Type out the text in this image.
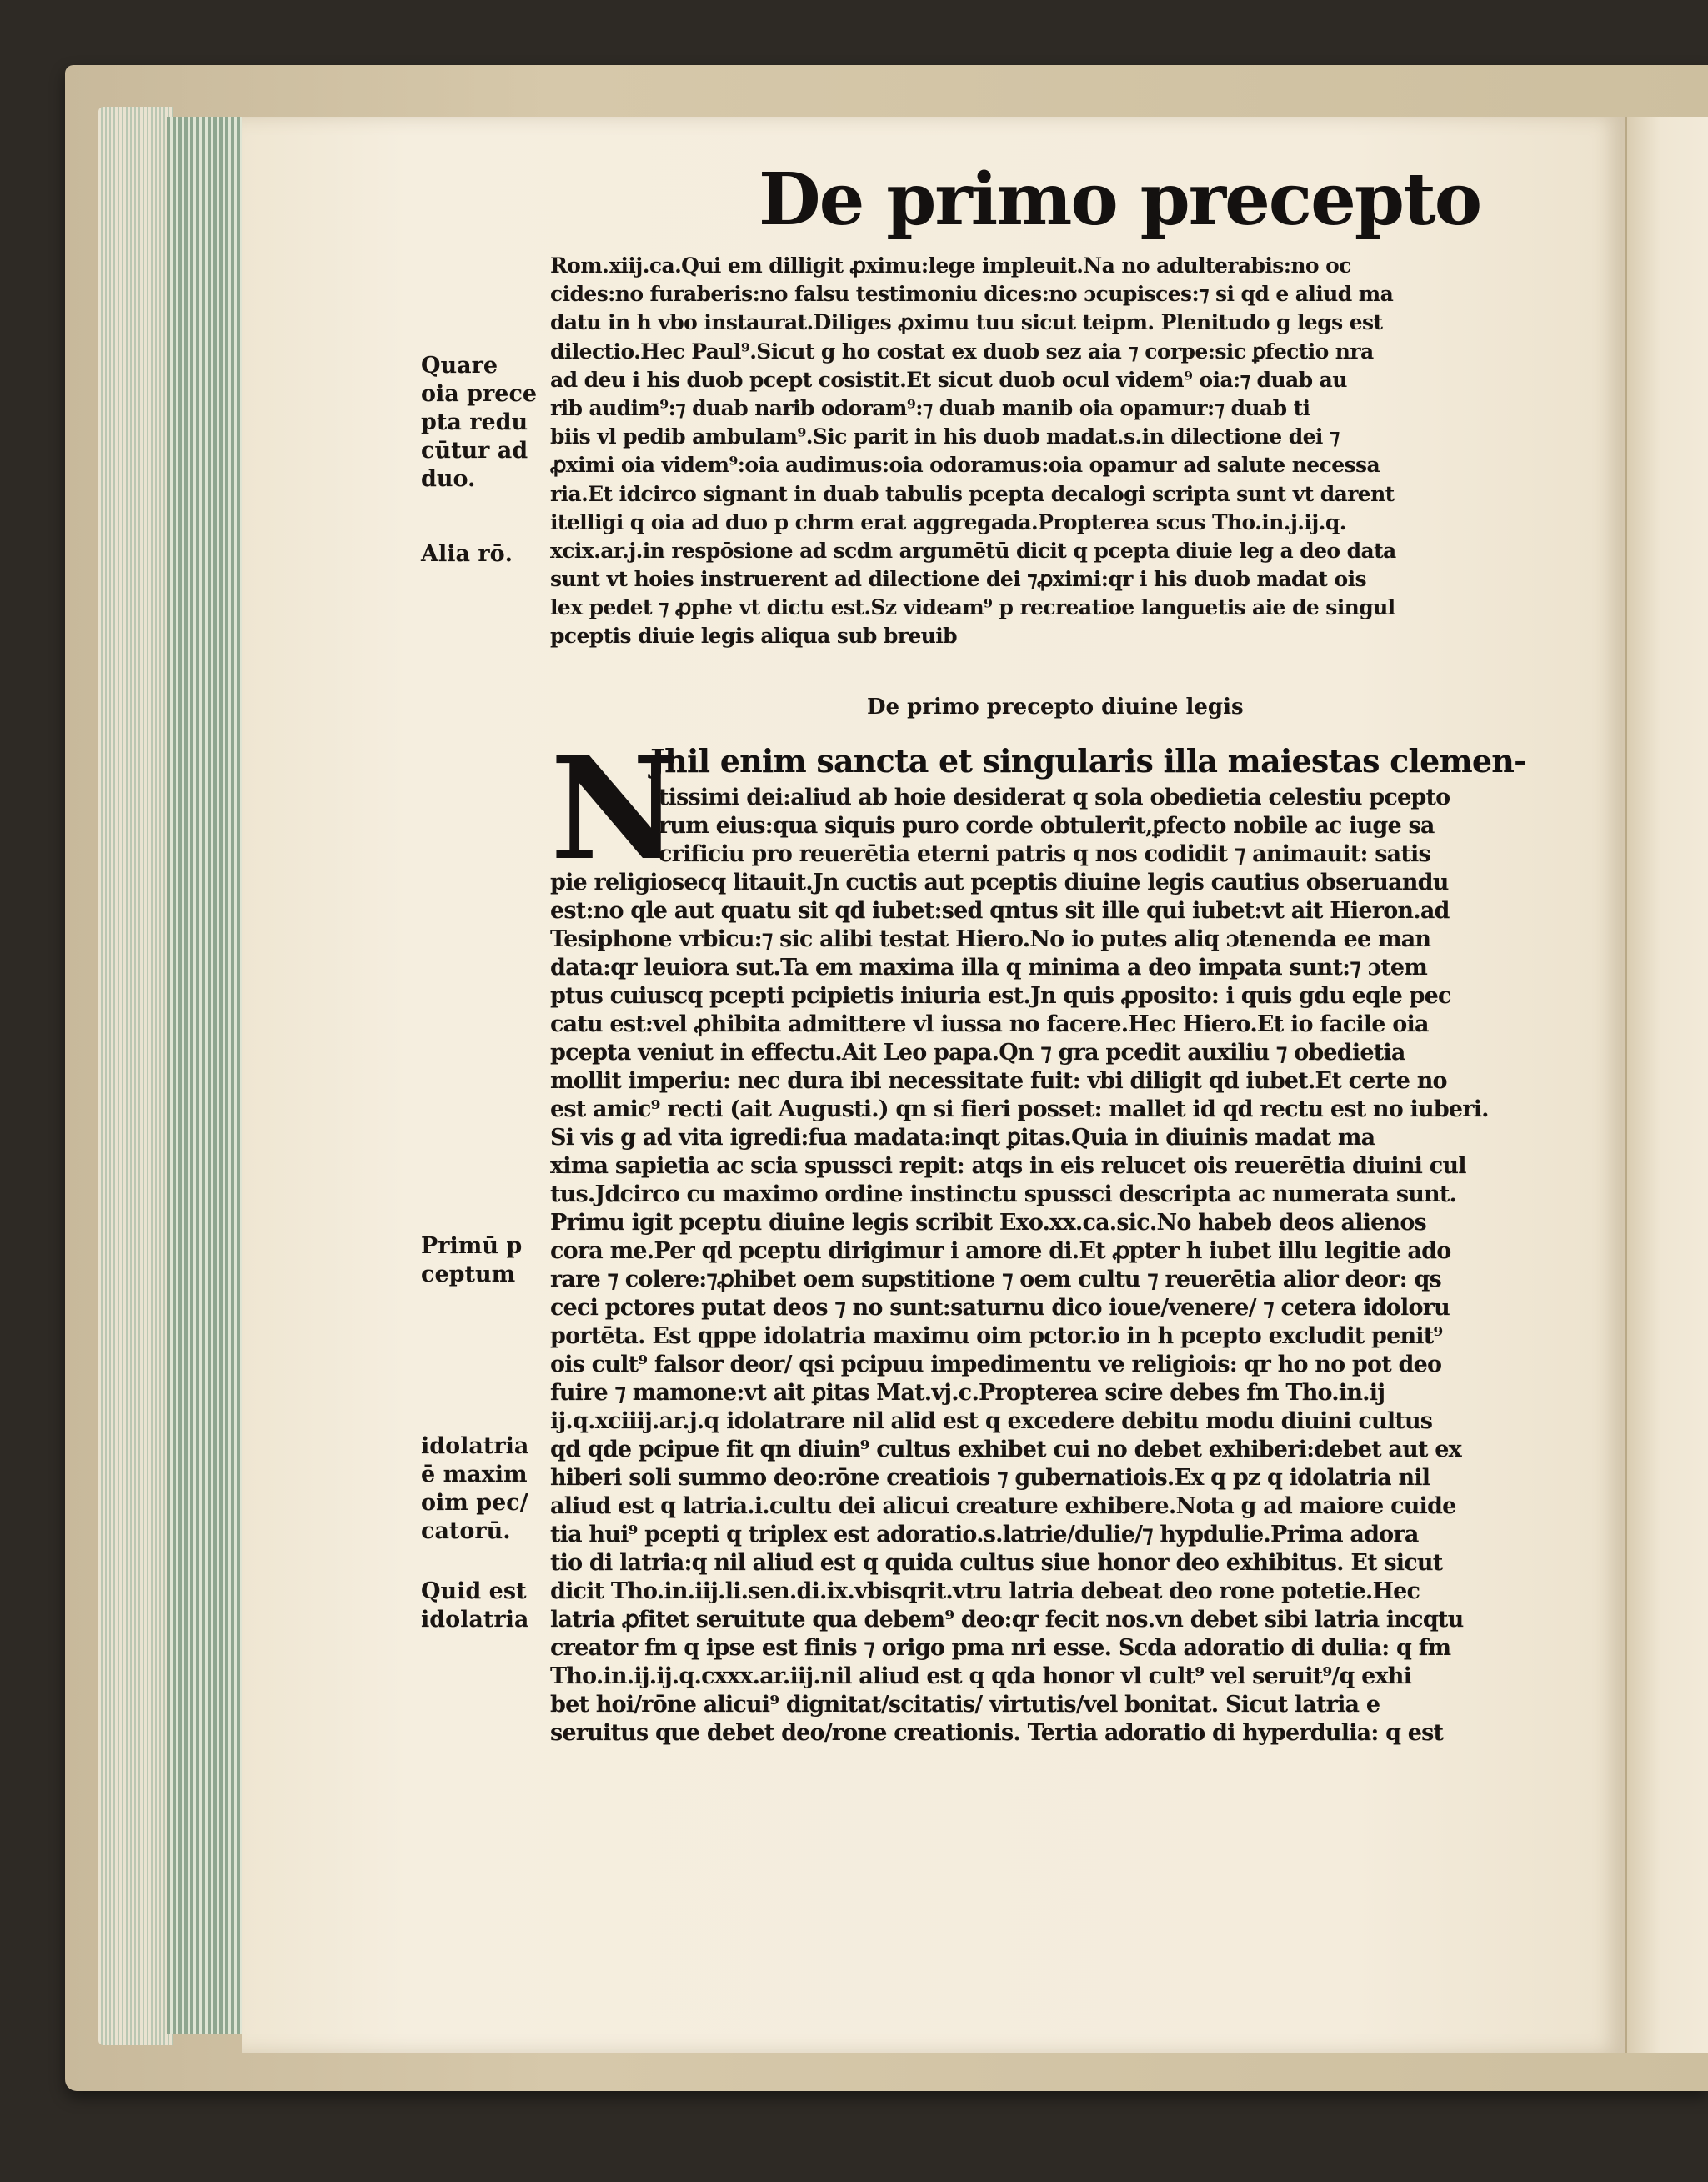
De primo precepto
Rom.xiij.ca.Qui em dilligit ꝓximu:lege impleuit.Na no adulterabis:no oc
cides:no furaberis:no falsu testimoniu dices:no ɔcupisces:⁊ si qd e aliud ma
datu in h vbo instaurat.Diliges ꝓximu tuu sicut teipm. Plenitudo g legs est
dilectio.Hec Paul⁹.Sicut g ho costat ex duob sez aia ⁊ corpe:sic ꝑfectio nra
ad deu i his duob pcept cosistit.Et sicut duob ocul videm⁹ oia:⁊ duab au
rib audim⁹:⁊ duab narib odoram⁹:⁊ duab manib oia opamur:⁊ duab ti
biis vl pedib ambulam⁹.Sic parit in his duob madat.s.in dilectione dei ⁊
ꝓximi oia videm⁹:oia audimus:oia odoramus:oia opamur ad salute necessa
ria.Et idcirco signant in duab tabulis pcepta decalogi scripta sunt vt darent
itelligi q oia ad duo p chrm erat aggregada.Propterea scus Tho.in.j.ij.q.
xcix.ar.j.in respōsione ad scdm argumētū dicit q pcepta diuie leg a deo data
sunt vt hoies instruerent ad dilectione dei ⁊ꝓximi:qr i his duob madat ois
lex pedet ⁊ ꝓphe vt dictu est.Sz videam⁹ p recreatioe languetis aie de singul
pceptis diuie legis aliqua sub breuib
De primo precepto diuine legis
N
Jhil enim sancta et singularis illa maiestas clemen-
tissimi dei:aliud ab hoie desiderat q sola obedietia celestiu pcepto
rum eius:qua siquis puro corde obtulerit,ꝑfecto nobile ac iuge sa
crificiu pro reuerētia eterni patris q nos codidit ⁊ animauit: satis
pie religiosecq litauit.Jn cuctis aut pceptis diuine legis cautius obseruandu
est:no qle aut quatu sit qd iubet:sed qntus sit ille qui iubet:vt ait Hieron.ad
Tesiphone vrbicu:⁊ sic alibi testat Hiero.No io putes aliq ɔtenenda ee man
data:qr leuiora sut.Ta em maxima illa q minima a deo impata sunt:⁊ ɔtem
ptus cuiuscq pcepti pcipietis iniuria est.Jn quis ꝓposito: i quis gdu eqle pec
catu est:vel ꝓhibita admittere vl iussa no facere.Hec Hiero.Et io facile oia
pcepta veniut in effectu.Ait Leo papa.Qn ⁊ gra pcedit auxiliu ⁊ obedietia
mollit imperiu: nec dura ibi necessitate fuit: vbi diligit qd iubet.Et certe no
est amic⁹ recti (ait Augusti.) qn si fieri posset: mallet id qd rectu est no iuberi.
Si vis g ad vita igredi:fua madata:inqt ꝑitas.Quia in diuinis madat ma
xima sapietia ac scia spussci repit: atqs in eis relucet ois reuerētia diuini cul
tus.Jdcirco cu maximo ordine instinctu spussci descripta ac numerata sunt.
Primu igit pceptu diuine legis scribit Exo.xx.ca.sic.No habeb deos alienos
cora me.Per qd pceptu dirigimur i amore di.Et ꝓpter h iubet illu legitie ado
rare ⁊ colere:⁊ꝓhibet oem supstitione ⁊ oem cultu ⁊ reuerētia alior deor: qs
ceci pctores putat deos ⁊ no sunt:saturnu dico ioue/venere/ ⁊ cetera idoloru
portēta. Est qppe idolatria maximu oim pctor.io in h pcepto excludit penit⁹
ois cult⁹ falsor deor/ qsi pcipuu impedimentu ve religiois: qr ho no pot deo
fuire ⁊ mamone:vt ait ꝑitas Mat.vj.c.Propterea scire debes fm Tho.in.ij
ij.q.xciiij.ar.j.q idolatrare nil alid est q excedere debitu modu diuini cultus
qd qde pcipue fit qn diuin⁹ cultus exhibet cui no debet exhiberi:debet aut ex
hiberi soli summo deo:rōne creatiois ⁊ gubernatiois.Ex q pz q idolatria nil
aliud est q latria.i.cultu dei alicui creature exhibere.Nota g ad maiore cuide
tia hui⁹ pcepti q triplex est adoratio.s.latrie/dulie/⁊ hypdulie.Prima adora
tio di latria:q nil aliud est q quida cultus siue honor deo exhibitus. Et sicut
dicit Tho.in.iij.li.sen.di.ix.vbisqrit.vtru latria debeat deo rone potetie.Hec
latria ꝓfitet seruitute qua debem⁹ deo:qr fecit nos.vn debet sibi latria incqtu
creator fm q ipse est finis ⁊ origo pma nri esse. Scda adoratio di dulia: q fm
Tho.in.ij.ij.q.cxxx.ar.iij.nil aliud est q qda honor vl cult⁹ vel seruit⁹/q exhi
bet hoi/rōne alicui⁹ dignitat/scitatis/ virtutis/vel bonitat. Sicut latria e
seruitus que debet deo/rone creationis. Tertia adoratio di hyperdulia: q est
Quare
oia prece
pta redu
cūtur ad
duo.
Alia rō.
Primū p
ceptum
idolatria
ē maxim
oim pec/
catorū.
Quid est
idolatria
